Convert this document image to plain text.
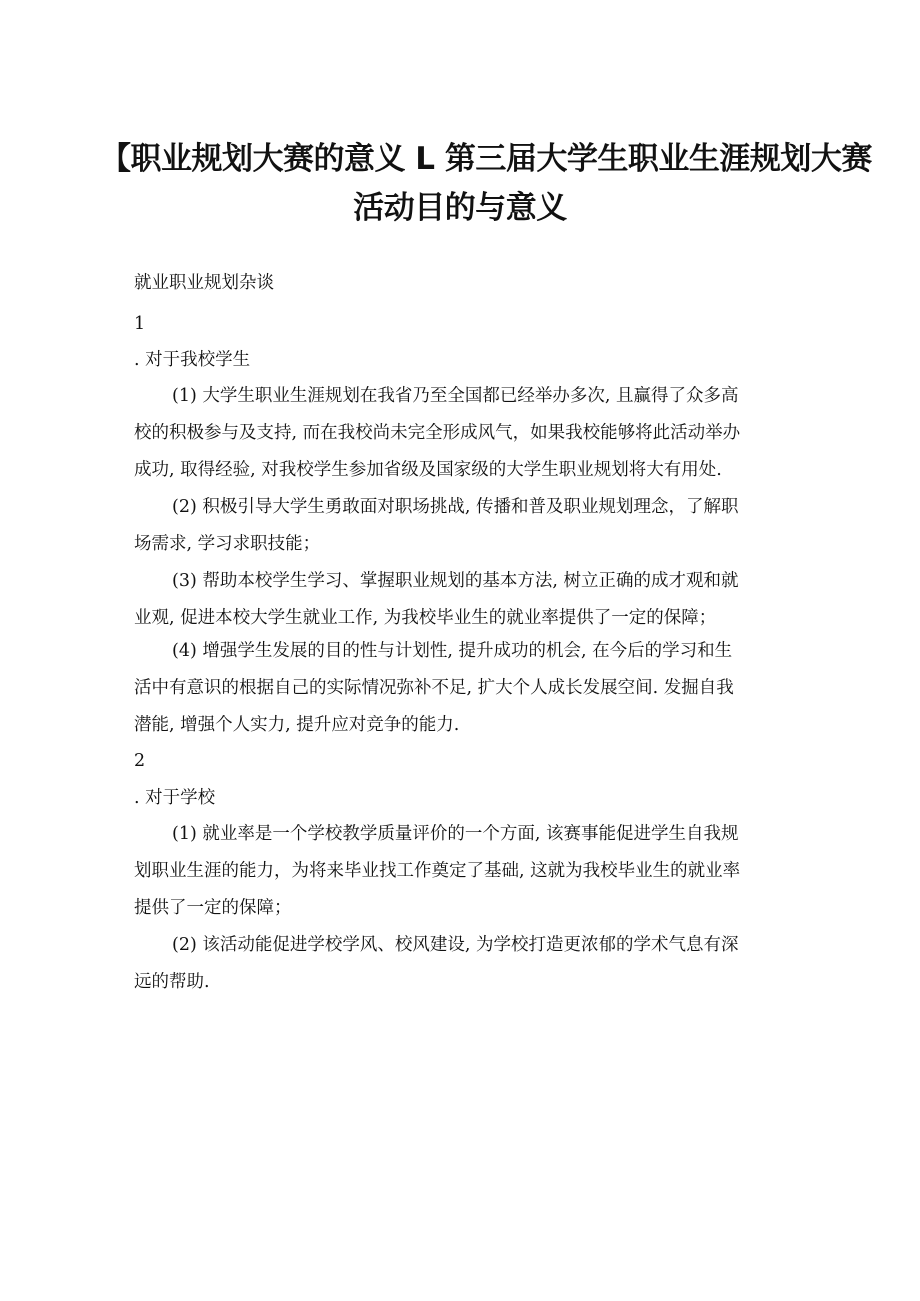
【职业规划大赛的意义 L 第三届大学生职业生涯规划大赛
活动目的与意义

就业职业规划杂谈

1

. 对于我校学生

(1) 大学生职业生涯规划在我省乃至全国都已经举办多次, 且赢得了众多高

校的积极参与及支持, 而在我校尚未完全形成风气，如果我校能够将此活动举办

成功, 取得经验, 对我校学生参加省级及国家级的大学生职业规划将大有用处.

(2) 积极引导大学生勇敢面对职场挑战, 传播和普及职业规划理念，了解职

场需求, 学习求职技能；

(3) 帮助本校学生学习、掌握职业规划的基本方法, 树立正确的成才观和就

业观, 促进本校大学生就业工作, 为我校毕业生的就业率提供了一定的保障；

(4) 增强学生发展的目的性与计划性, 提升成功的机会, 在今后的学习和生

活中有意识的根据自己的实际情况弥补不足, 扩大个人成长发展空间. 发掘自我

潜能, 增强个人实力, 提升应对竞争的能力.

2

. 对于学校

(1) 就业率是一个学校教学质量评价的一个方面, 该赛事能促进学生自我规

划职业生涯的能力，为将来毕业找工作奠定了基础, 这就为我校毕业生的就业率

提供了一定的保障；

(2) 该活动能促进学校学风、校风建设, 为学校打造更浓郁的学术气息有深

远的帮助.
